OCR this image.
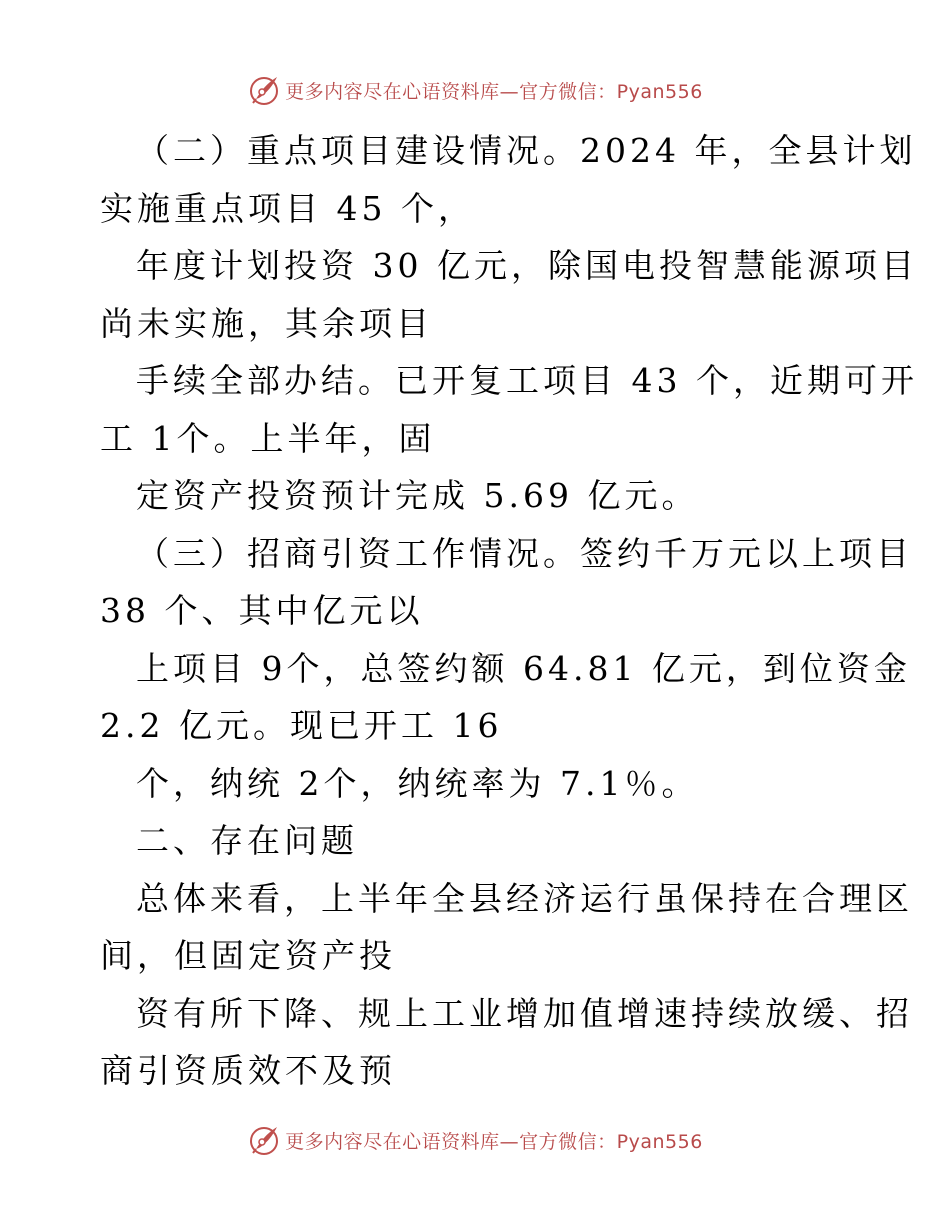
更多内容尽在心语资料库—官方微信：Pyan556
（二）重点项目建设情况。2024 年，全县计划
实施重点项目 45 个，
年度计划投资 30 亿元，除国电投智慧能源项目
尚未实施，其余项目
手续全部办结。已开复工项目 43 个，近期可开
工 1个。上半年，固
定资产投资预计完成 5.69 亿元。
（三）招商引资工作情况。签约千万元以上项目
38 个、其中亿元以
上项目 9个，总签约额 64.81 亿元，到位资金
2.2 亿元。现已开工 16
个，纳统 2个，纳统率为 7.1％。
二、存在问题
总体来看，上半年全县经济运行虽保持在合理区
间，但固定资产投
资有所下降、规上工业增加值增速持续放缓、招
商引资质效不及预
更多内容尽在心语资料库—官方微信：Pyan556
